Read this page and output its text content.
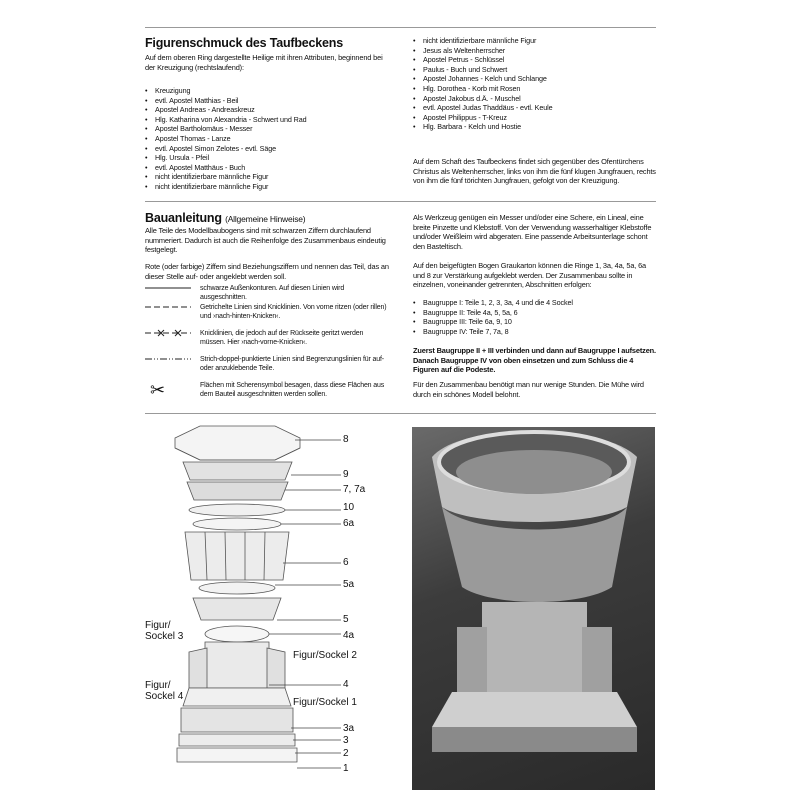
Figurenschmuck des Taufbeckens
Auf dem oberen Ring dargestellte Heilige mit ihren Attributen, beginnend bei der Kreuzigung (rechtslaufend):
• Kreuzigung
• evtl. Apostel Matthias - Beil
• Apostel Andreas - Andreaskreuz
• Hlg. Katharina von Alexandria - Schwert und Rad
• Apostel Bartholomäus - Messer
• Apostel Thomas - Lanze
• evtl. Apostel Simon Zelotes - evtl. Säge
• Hlg. Ursula - Pfeil
• evtl. Apostel Matthäus - Buch
• nicht identifizierbare männliche Figur
• nicht identifizierbare männliche Figur
• nicht identifizierbare männliche Figur
• Jesus als Weltenherrscher
• Apostel Petrus - Schlüssel
• Paulus - Buch und Schwert
• Apostel Johannes - Kelch und Schlange
• Hlg. Dorothea - Korb mit Rosen
• Apostel Jakobus d.Ä. - Muschel
• evtl. Apostel Judas Thaddäus - evtl. Keule
• Apostel Philippus - T-Kreuz
• Hlg. Barbara - Kelch und Hostie
Auf dem Schaft des Taufbeckens findet sich gegenüber des Ofentürchens Christus als Weltenherrscher, links von ihm die fünf klugen Jungfrauen, rechts von ihm die fünf törichten Jungfrauen, gefolgt von der Kreuzigung.
Bauanleitung (Allgemeine Hinweise)
Alle Teile des Modellbaubogens sind mit schwarzen Ziffern durchlaufend nummeriert. Dadurch ist auch die Reihenfolge des Zusammenbaus eindeutig festgelegt.
Rote (oder farbige) Ziffern sind Beziehungsziffern und nennen das Teil, das an dieser Stelle auf- oder angeklebt werden soll.
✂
schwarze Außenkonturen. Auf diesen Linien wird ausgeschnitten.
Getrichelte Linien sind Knicklinien. Von vorne ritzen (oder rillen) und ›nach-hinten-Knicken‹.
Knicklinien, die jedoch auf der Rückseite geritzt werden müssen. Hier ›nach-vorne-Knicken‹.
Strich-doppel-punktierte Linien sind Begrenzungslinien für auf- oder anzuklebende Teile.
Flächen mit Scherensymbol besagen, dass diese Flächen aus dem Bauteil ausgeschnitten werden sollen.
Als Werkzeug genügen ein Messer und/oder eine Schere, ein Lineal, eine breite Pinzette und Klebstoff. Von der Verwendung wasserhaltiger Klebstoffe und/oder Weißleim wird abgeraten. Eine passende Arbeitsunterlage schont den Basteltisch.
Auf den beigefügten Bogen Graukarton können die Ringe 1, 3a, 4a, 5a, 6a und 8 zur Verstärkung aufgeklebt werden. Der Zusammenbau sollte in einzelnen, voneinander getrennten, Abschnitten erfolgen:
• Baugruppe I: Teile 1, 2, 3, 3a, 4 und die 4 Sockel
• Baugruppe II: Teile 4a, 5, 5a, 6
• Baugruppe III: Teile 6a, 9, 10
• Baugruppe IV: Teile 7, 7a, 8
Zuerst Baugruppe II + III verbinden und dann auf Baugruppe I aufsetzen. Danach Baugruppe IV von oben einsetzen und zum Schluss die 4 Figuren auf die Podeste.
Für den Zusammenbau benötigt man nur wenige Stunden. Die Mühe wird durch ein schönes Modell belohnt.
8
9
7, 7a
10
6a
6
5a
5
4a
4
3a
3
2
1
Figur/ Sockel 3
Figur/ Sockel 4
Figur/Sockel 2
Figur/Sockel 1
